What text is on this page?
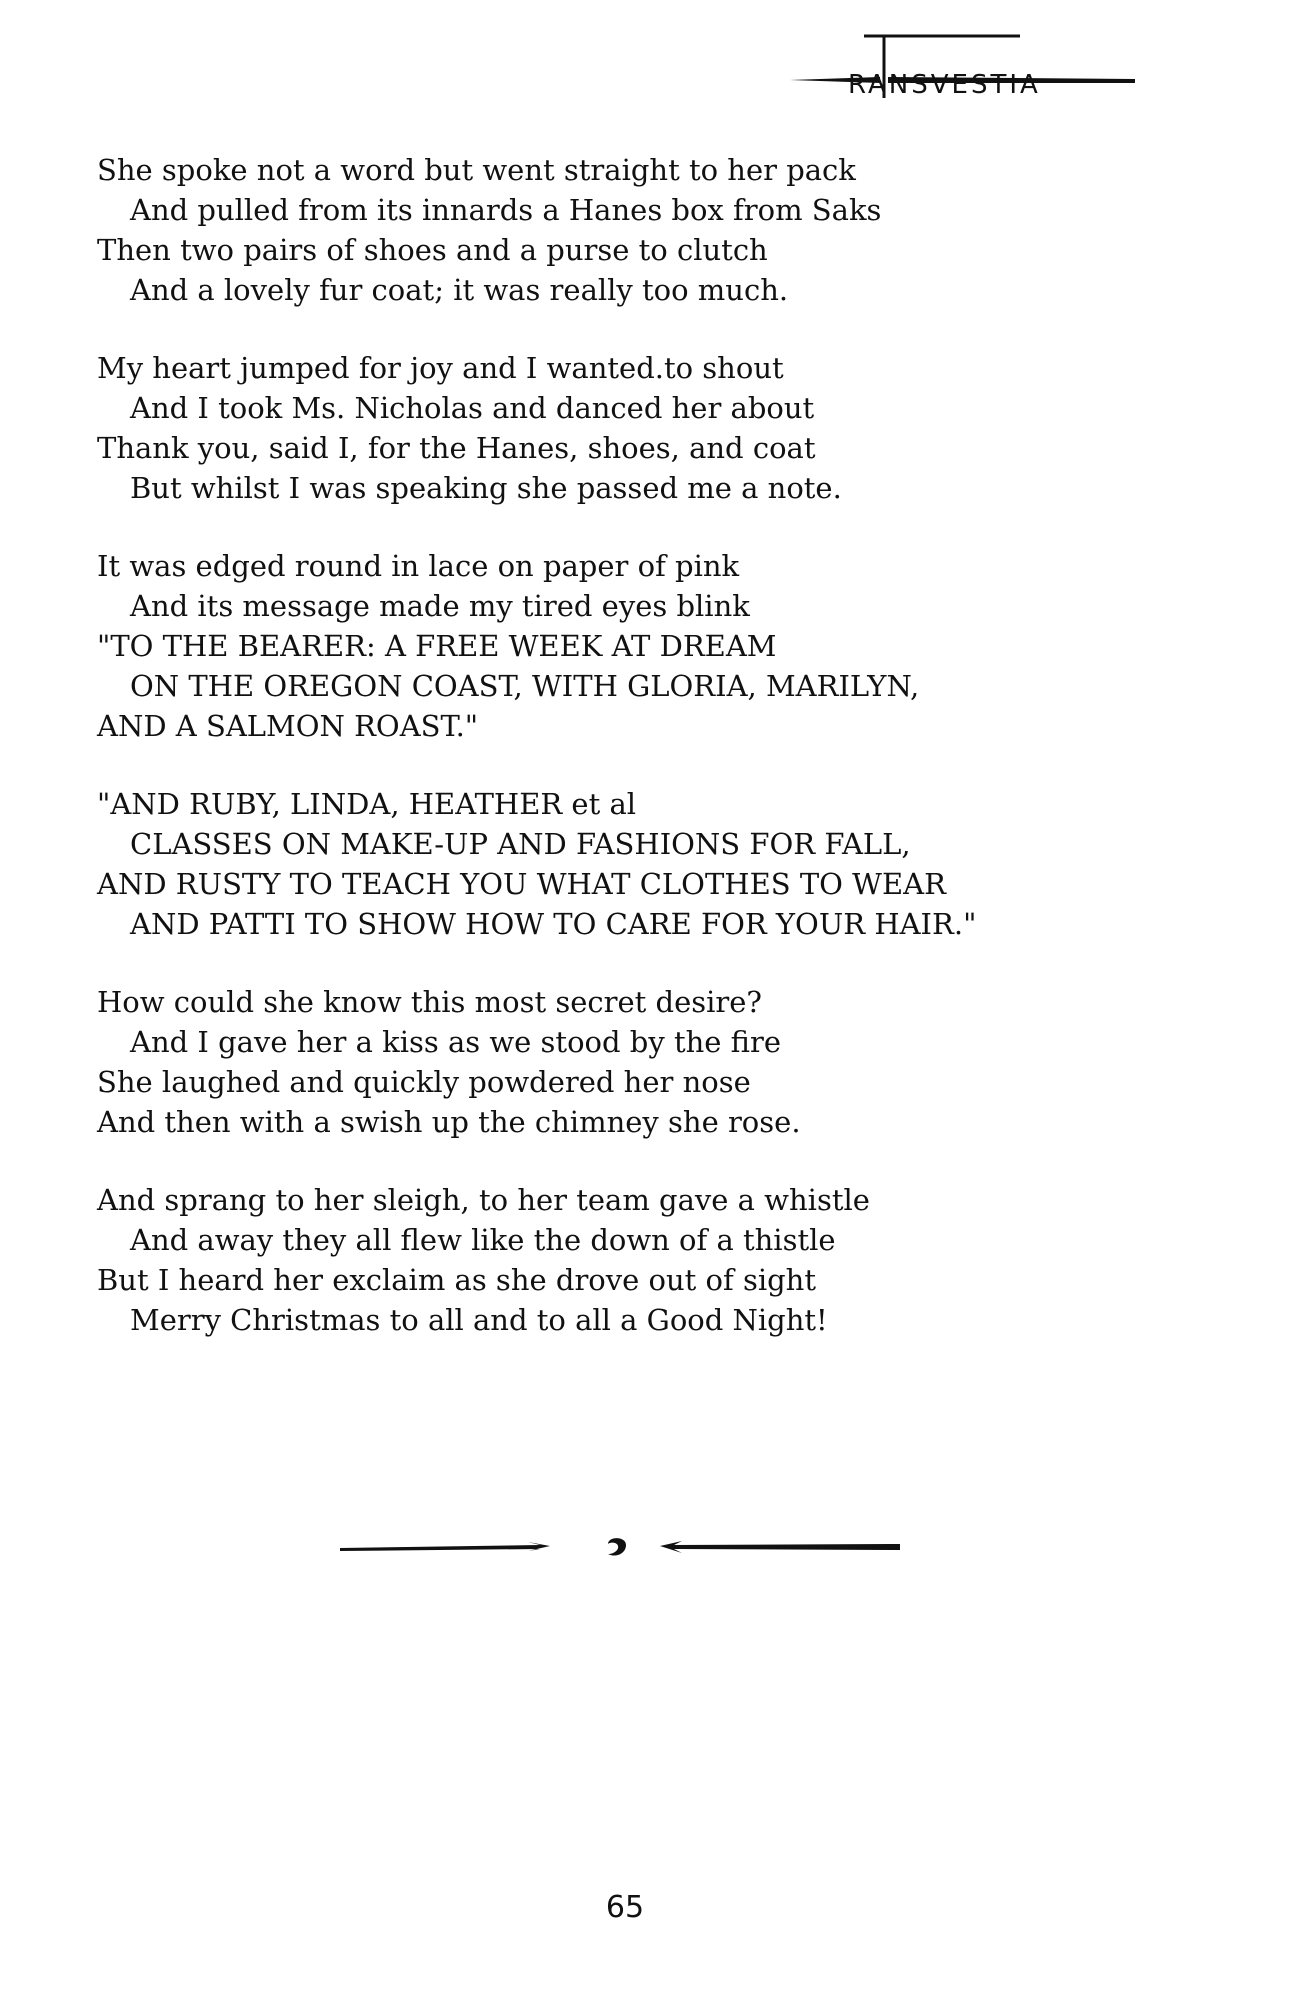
RANSVESTIA
She spoke not a word but went straight to her pack
And pulled from its innards a Hanes box from Saks
Then two pairs of shoes and a purse to clutch
And a lovely fur coat; it was really too much.
My heart jumped for joy and I wanted.to shout
And I took Ms. Nicholas and danced her about
Thank you, said I, for the Hanes, shoes, and coat
But whilst I was speaking she passed me a note.
It was edged round in lace on paper of pink
And its message made my tired eyes blink
"TO THE BEARER: A FREE WEEK AT DREAM
ON THE OREGON COAST, WITH GLORIA, MARILYN,
AND A SALMON ROAST."
"AND RUBY, LINDA, HEATHER et al
CLASSES ON MAKE-UP AND FASHIONS FOR FALL,
AND RUSTY TO TEACH YOU WHAT CLOTHES TO WEAR
AND PATTI TO SHOW HOW TO CARE FOR YOUR HAIR."
How could she know this most secret desire?
And I gave her a kiss as we stood by the fire
She laughed and quickly powdered her nose
And then with a swish up the chimney she rose.
And sprang to her sleigh, to her team gave a whistle
And away they all flew like the down of a thistle
But I heard her exclaim as she drove out of sight
Merry Christmas to all and to all a Good Night!
65
